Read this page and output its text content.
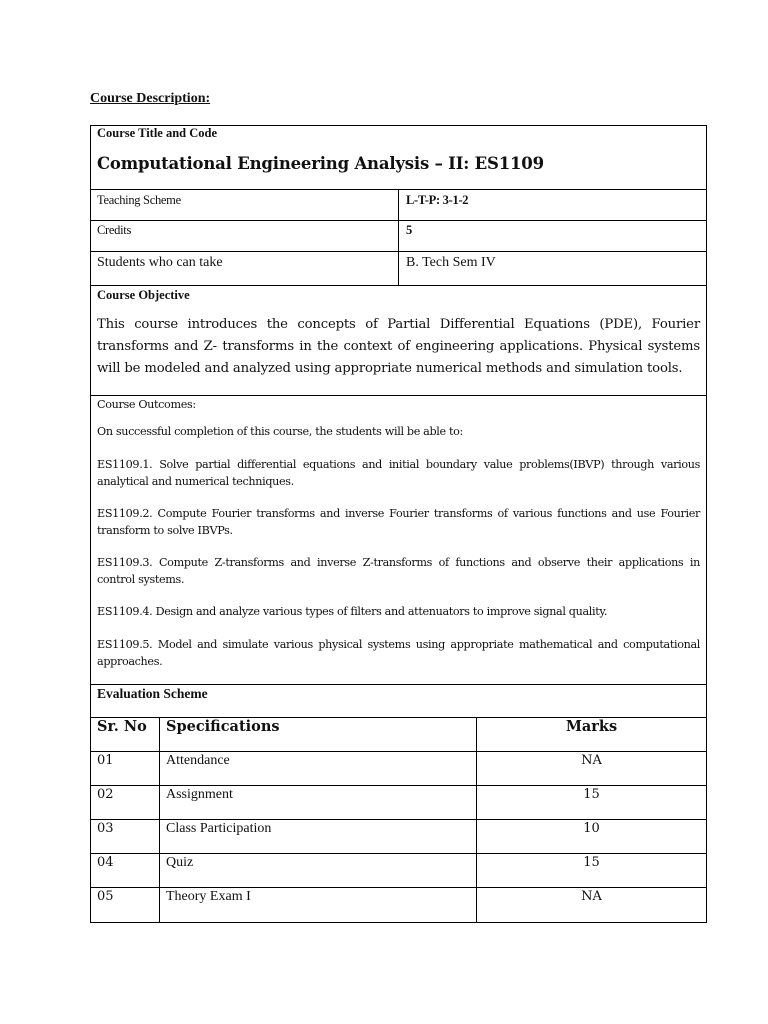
Course Description:
Course Title and Code
Computational Engineering Analysis – II: ES1109
Teaching Scheme	L-T-P: 3-1-2
Credits	5
Students who can take	B. Tech Sem IV
Course Objective
This course introduces the concepts of Partial Differential Equations (PDE), Fourier transforms and Z- transforms in the context of engineering applications. Physical systems will be modeled and analyzed using appropriate numerical methods and simulation tools.
Course Outcomes:
On successful completion of this course, the students will be able to:
ES1109.1. Solve partial differential equations and initial boundary value problems(IBVP) through various analytical and numerical techniques.
ES1109.2. Compute Fourier transforms and inverse Fourier transforms of various functions and use Fourier transform to solve IBVPs.
ES1109.3. Compute Z-transforms and inverse Z-transforms of functions and observe their applications in control systems.
ES1109.4. Design and analyze various types of filters and attenuators to improve signal quality.
ES1109.5. Model and simulate various physical systems using appropriate mathematical and computational approaches.
Evaluation Scheme
Sr. No	Specifications	Marks
01	Attendance	NA
02	Assignment	15
03	Class Participation	10
04	Quiz	15
05	Theory Exam I	NA
